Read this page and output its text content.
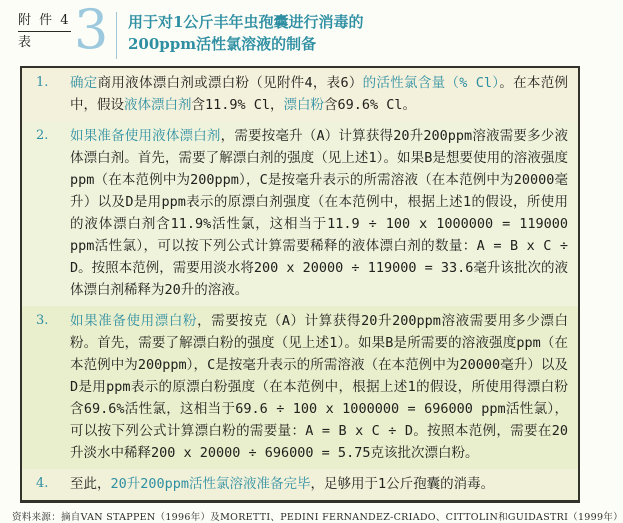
附 件 4
表 3 用于对1公斤丰年虫孢囊进行消毒的
200ppm活性氯溶液的制备
1.	确定商用液体漂白剂或漂白粉（见附件4，表6）的活性氯含量（% Cl）。在本范例中，假设液体漂白剂含11.9% Cl，漂白粉含69.6% Cl。
2.	如果准备使用液体漂白剂，需要按毫升（A）计算获得20升200ppm溶液需要多少液体漂白剂。首先，需要了解漂白剂的强度（见上述1）。如果B是想要使用的溶液强度ppm（在本范例中为200ppm），C是按毫升表示的所需溶液（在本范例中为20000毫升）以及D是用ppm表示的原漂白剂强度（在本范例中，根据上述1的假设，所使用的液体漂白剂含11.9%活性氯，这相当于11.9 ÷ 100 x 1000000 = 119000 ppm活性氯），可以按下列公式计算需要稀释的液体漂白剂的数量：A = B x C ÷ D。按照本范例，需要用淡水将200 x 20000 ÷ 119000 = 33.6毫升该批次的液体漂白剂稀释为20升的溶液。
3.	如果准备使用漂白粉，需要按克（A）计算获得20升200ppm溶液需要用多少漂白粉。首先，需要了解漂白粉的强度（见上述1）。如果B是所需要的溶液强度ppm（在本范例中为200ppm），C是按毫升表示的所需溶液（在本范例中为20000毫升）以及D是用ppm表示的原漂白粉强度（在本范例中，根据上述1的假设，所使用得漂白粉含69.6%活性氯，这相当于69.6 ÷ 100 x 1000000 = 696000 ppm活性氯），可以按下列公式计算漂白粉的需要量：A = B x C ÷ D。按照本范例，需要在20升淡水中稀释200 x 20000 ÷ 696000 = 5.75克该批次漂白粉。
4.	至此，20升200ppm活性氯溶液准备完毕，足够用于1公斤孢囊的消毒。
资料来源：摘自VAN STAPPEN（1996年）及MORETTI、PEDINI FERNANDEZ-CRIADO、CITTOLIN和GUIDASTRI（1999年）
